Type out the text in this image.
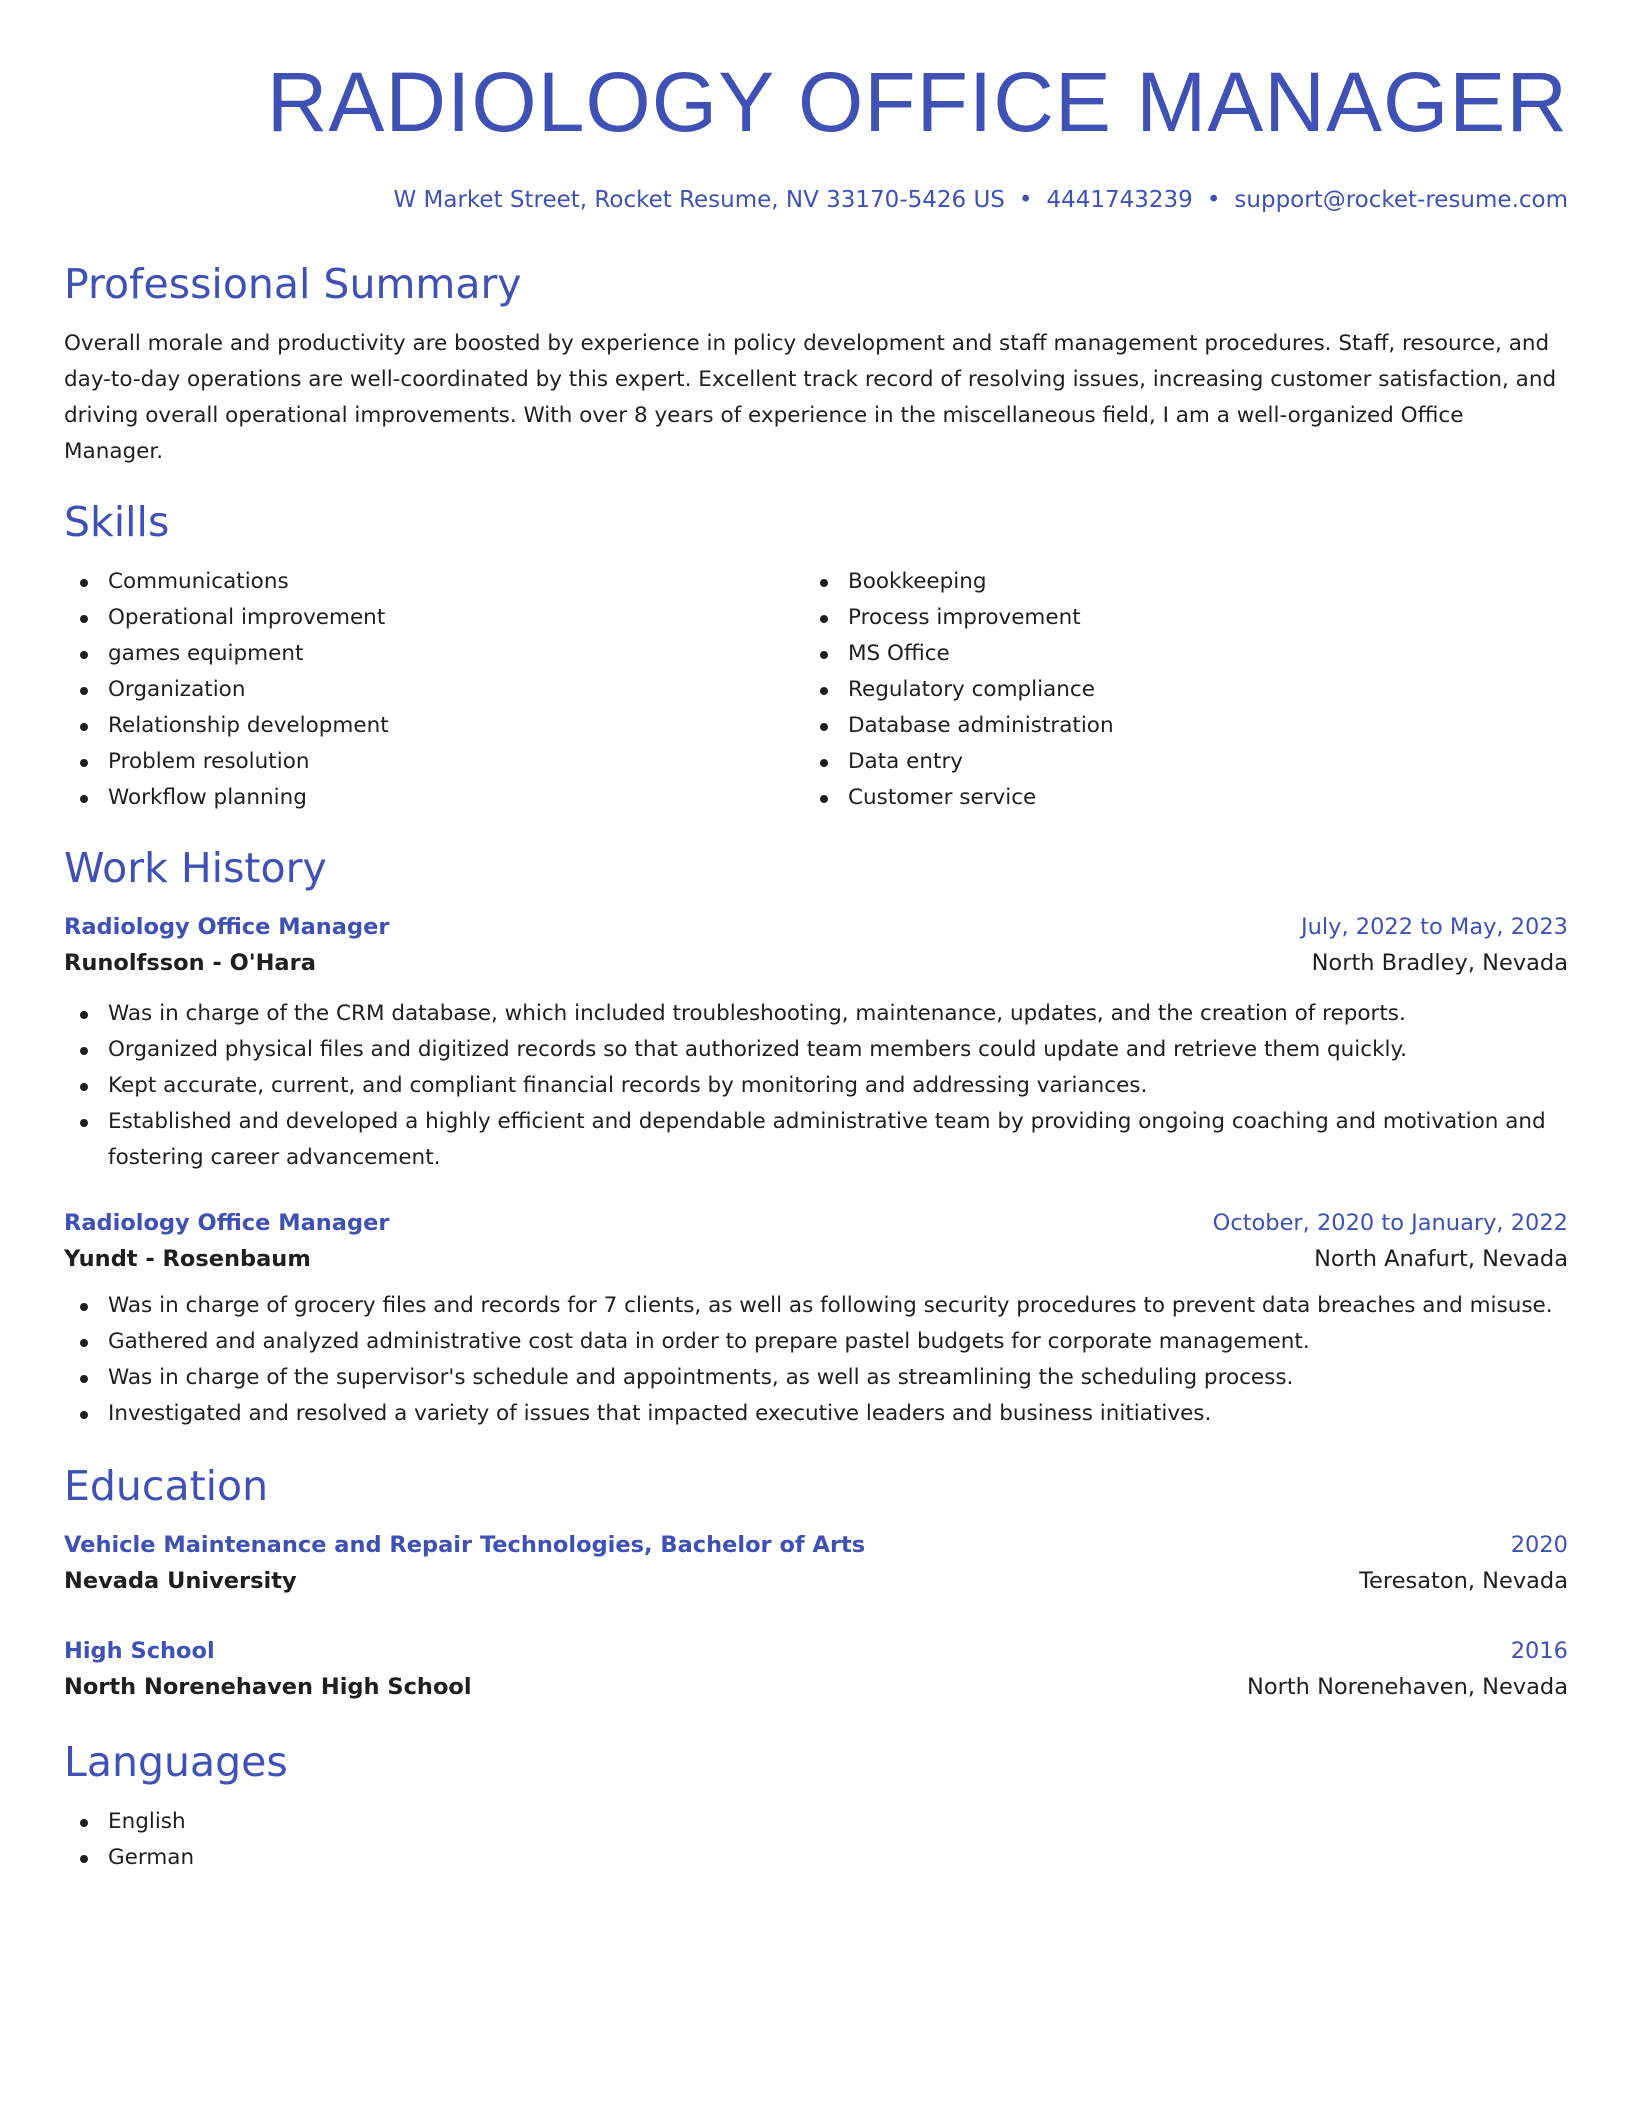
RADIOLOGY OFFICE MANAGER
W Market Street, Rocket Resume, NV 33170-5426 US • 4441743239 • support@rocket-resume.com
Professional Summary

Overall morale and productivity are boosted by experience in policy development and staff management procedures. Staff, resource, and day-to-day operations are well-coordinated by this expert. Excellent track record of resolving issues, increasing customer satisfaction, and driving overall operational improvements. With over 8 years of experience in the miscellaneous field, I am a well-organized Office Manager.

Skills
Communications
Operational improvement
games equipment
Organization
Relationship development
Problem resolution
Workflow planning
Bookkeeping
Process improvement
MS Office
Regulatory compliance
Database administration
Data entry
Customer service
Work History
Radiology Office Manager	July, 2022 to May, 2023
Runolfsson - O'Hara	North Bradley, Nevada
Was in charge of the CRM database, which included troubleshooting, maintenance, updates, and the creation of reports.
Organized physical files and digitized records so that authorized team members could update and retrieve them quickly.
Kept accurate, current, and compliant financial records by monitoring and addressing variances.
Established and developed a highly efficient and dependable administrative team by providing ongoing coaching and motivation and fostering career advancement.
Radiology Office Manager	October, 2020 to January, 2022
Yundt - Rosenbaum	North Anafurt, Nevada
Was in charge of grocery files and records for 7 clients, as well as following security procedures to prevent data breaches and misuse.
Gathered and analyzed administrative cost data in order to prepare pastel budgets for corporate management.
Was in charge of the supervisor's schedule and appointments, as well as streamlining the scheduling process.
Investigated and resolved a variety of issues that impacted executive leaders and business initiatives.
Education
Vehicle Maintenance and Repair Technologies, Bachelor of Arts	2020
Nevada University	Teresaton, Nevada
High School	2016
North Norenehaven High School	North Norenehaven, Nevada
Languages
English
German
